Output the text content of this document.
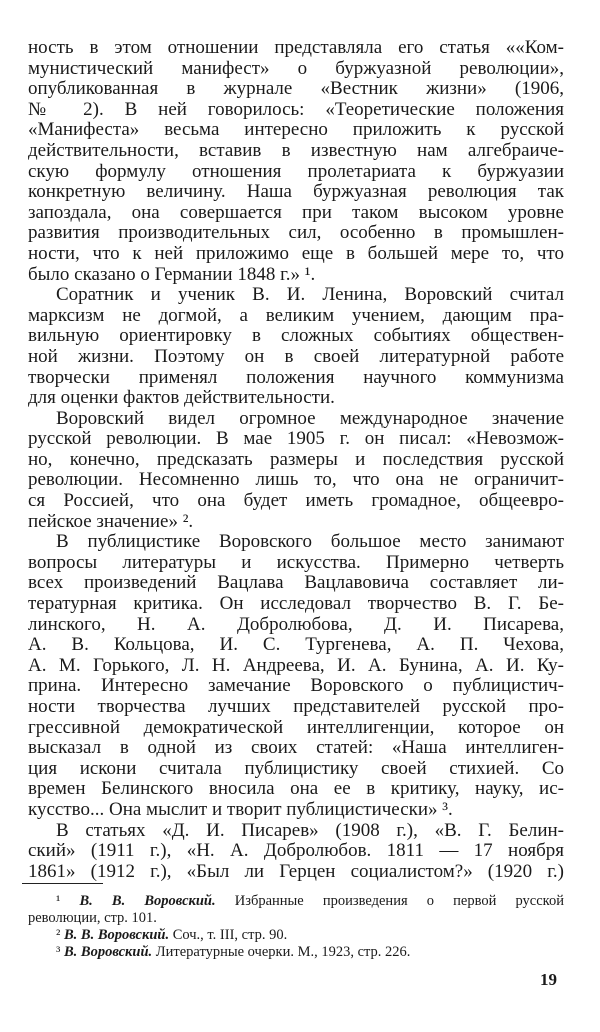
ность в этом отношении представляла его статья ««Ком-
мунистический манифест» о буржуазной революции»,
опубликованная в журнале «Вестник жизни» (1906,
№ 2). В ней говорилось: «Теоретические положения
«Манифеста» весьма интересно приложить к русской
действительности, вставив в известную нам алгебраиче-
скую формулу отношения пролетариата к буржуазии
конкретную величину. Наша буржуазная революция так
запоздала, она совершается при таком высоком уровне
развития производительных сил, особенно в промышлен-
ности, что к ней приложимо еще в большей мере то, что
было сказано о Германии 1848 г.» ¹.
Соратник и ученик В. И. Ленина, Воровский считал
марксизм не догмой, а великим учением, дающим пра-
вильную ориентировку в сложных событиях обществен-
ной жизни. Поэтому он в своей литературной работе
творчески применял положения научного коммунизма
для оценки фактов действительности.
Воровский видел огромное международное значение
русской революции. В мае 1905 г. он писал: «Невозмож-
но, конечно, предсказать размеры и последствия русской
революции. Несомненно лишь то, что она не ограничит-
ся Россией, что она будет иметь громадное, общеевро-
пейское значение» ².
В публицистике Воровского большое место занимают
вопросы литературы и искусства. Примерно четверть
всех произведений Вацлава Вацлавовича составляет ли-
тературная критика. Он исследовал творчество В. Г. Бе-
линского, Н. А. Добролюбова, Д. И. Писарева,
А. В. Кольцова, И. С. Тургенева, А. П. Чехова,
А. М. Горького, Л. Н. Андреева, И. А. Бунина, А. И. Ку-
прина. Интересно замечание Воровского о публицистич-
ности творчества лучших представителей русской про-
грессивной демократической интеллигенции, которое он
высказал в одной из своих статей: «Наша интеллиген-
ция искони считала публицистику своей стихией. Со
времен Белинского вносила она ее в критику, науку, ис-
кусство... Она мыслит и творит публицистически» ³.
В статьях «Д. И. Писарев» (1908 г.), «В. Г. Белин-
ский» (1911 г.), «Н. А. Добролюбов. 1811 — 17 ноября
1861» (1912 г.), «Был ли Герцен социалистом?» (1920 г.)
¹ В. В. Воровский. Избранные произведения о первой русской
революции, стр. 101.
² В. В. Воровский. Соч., т. III, стр. 90.
³ В. Воровский. Литературные очерки. М., 1923, стр. 226.
19
